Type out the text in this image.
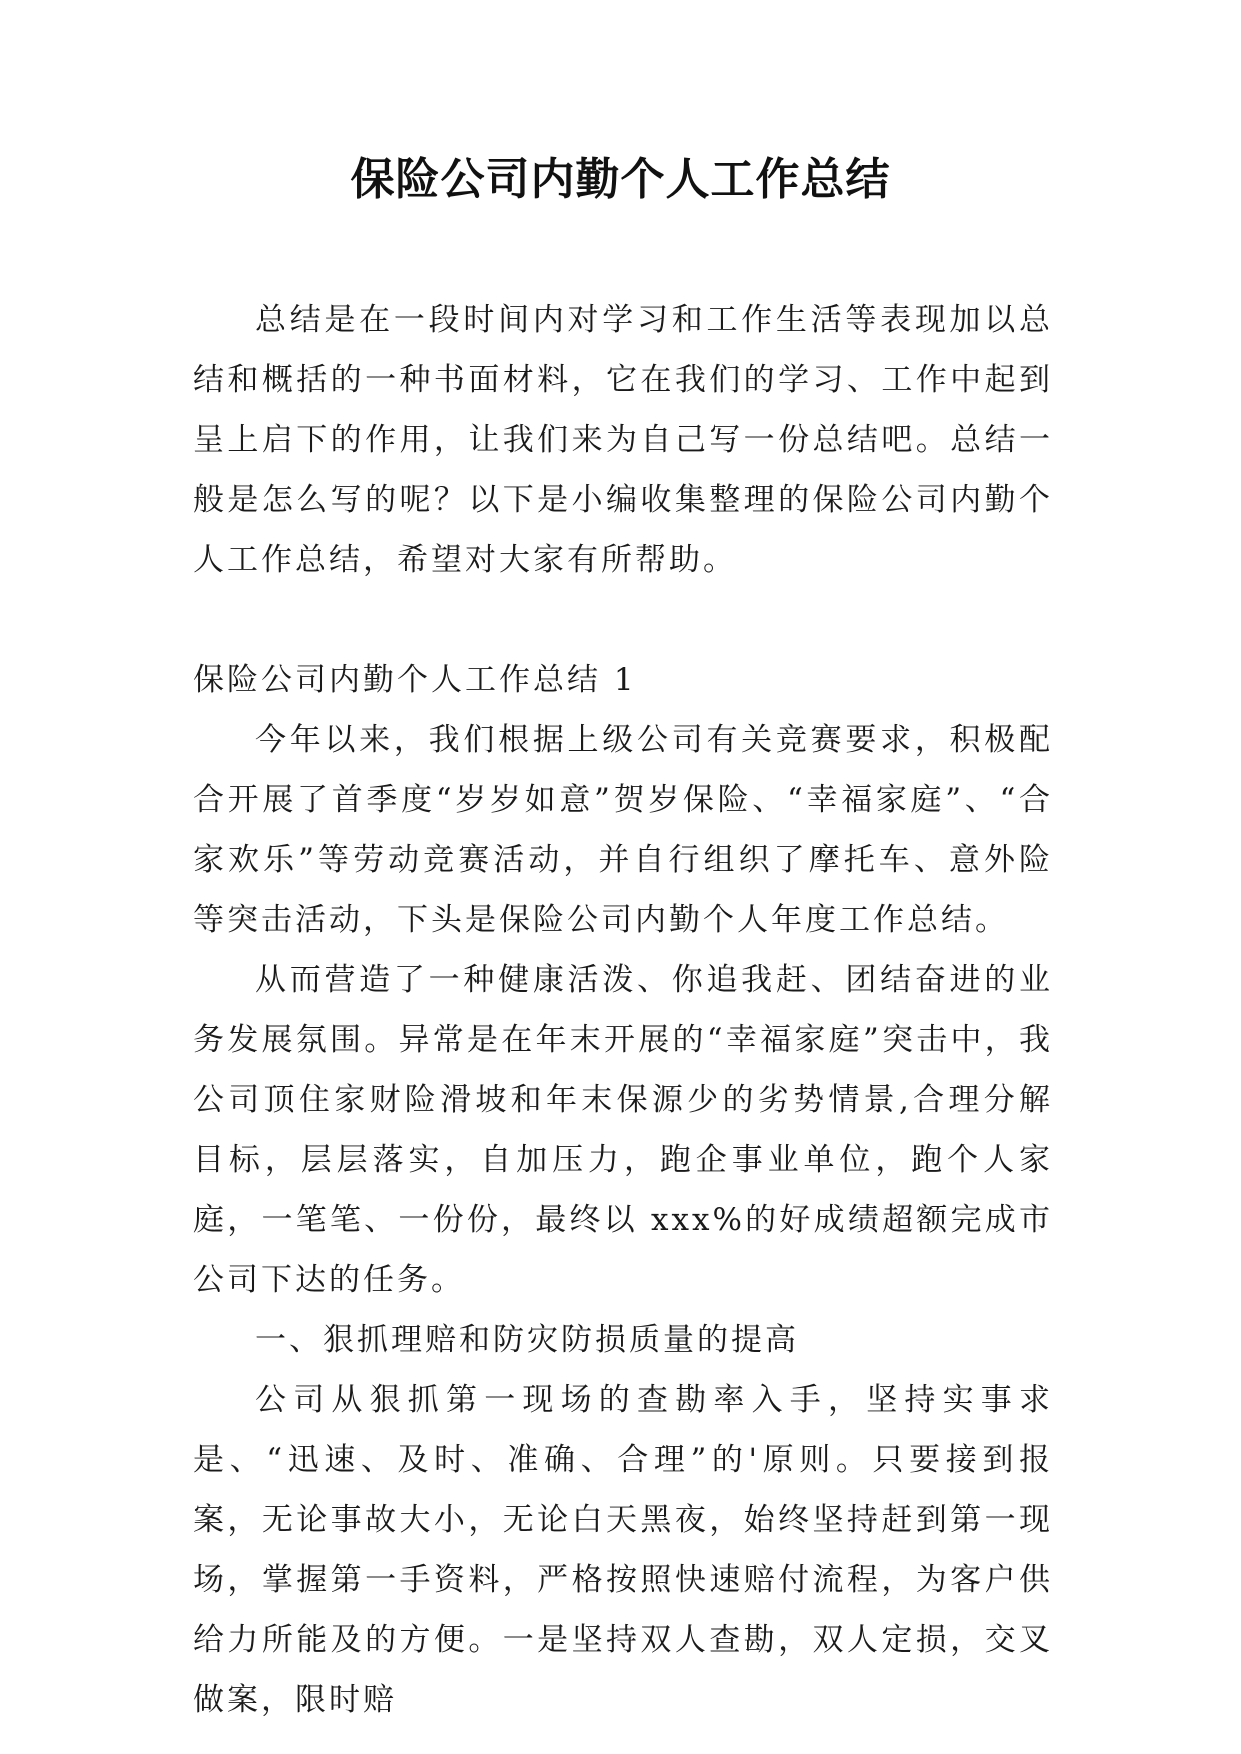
保险公司内勤个人工作总结

总结是在一段时间内对学习和工作生活等表现加以总结和概括的一种书面材料，它在我们的学习、工作中起到呈上启下的作用，让我们来为自己写一份总结吧。总结一般是怎么写的呢？以下是小编收集整理的保险公司内勤个人工作总结，希望对大家有所帮助。

保险公司内勤个人工作总结 1

今年以来，我们根据上级公司有关竞赛要求，积极配合开展了首季度“岁岁如意”贺岁保险、“幸福家庭”、“合家欢乐”等劳动竞赛活动，并自行组织了摩托车、意外险等突击活动，下头是保险公司内勤个人年度工作总结。

从而营造了一种健康活泼、你追我赶、团结奋进的业务发展氛围。异常是在年末开展的“幸福家庭”突击中，我公司顶住家财险滑坡和年末保源少的劣势情景,合理分解目标，层层落实，自加压力，跑企事业单位，跑个人家庭，一笔笔、一份份，最终以 xxx%的好成绩超额完成市公司下达的任务。

一、狠抓理赔和防灾防损质量的提高

公司从狠抓第一现场的查勘率入手，坚持实事求是、“迅速、及时、准确、合理”的'原则。只要接到报案，无论事故大小，无论白天黑夜，始终坚持赶到第一现场，掌握第一手资料，严格按照快速赔付流程，为客户供给力所能及的方便。一是坚持双人查勘，双人定损，交叉做案，限时赔
